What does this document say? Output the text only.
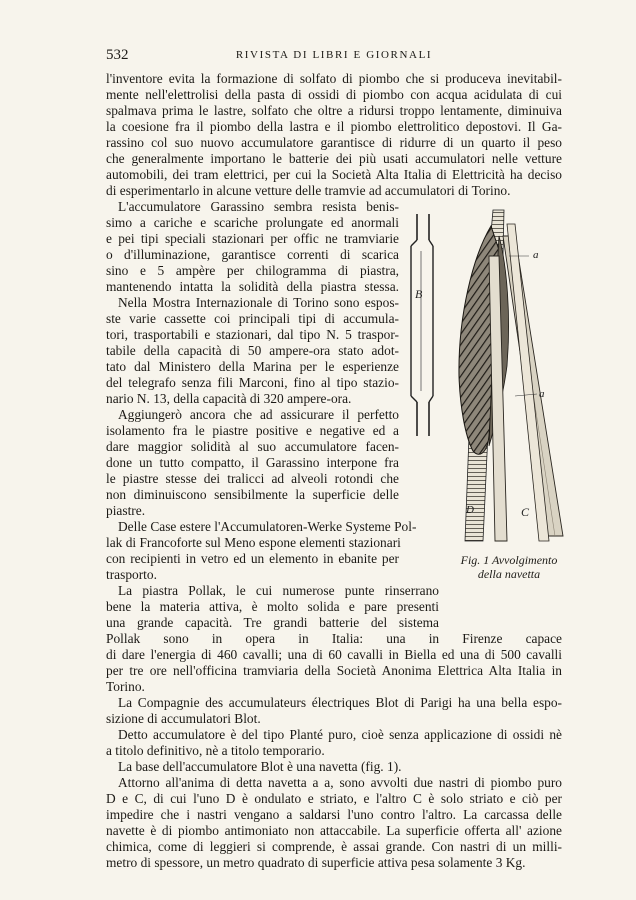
532	RIVISTA DI LIBRI E GIORNALI
l'inventore evita la formazione di solfato di piombo che si produceva inevitabil-
mente nell'elettrolisi della pasta di ossidi di piombo con acqua acidulata di cui
spalmava prima le lastre, solfato che oltre a ridursi troppo lentamente, diminuiva
la coesione fra il piombo della lastra e il piombo elettrolitico depostovi. Il Ga-
rassino col suo nuovo accumulatore garantisce di ridurre di un quarto il peso
che generalmente importano le batterie dei più usati accumulatori nelle vetture
automobili, dei tram elettrici, per cui la Società Alta Italia di Elettricità ha deciso
di esperimentarlo in alcune vetture delle tramvie ad accumulatori di Torino.
L'accumulatore Garassino sembra resista benis-
simo a cariche e scariche prolungate ed anormali
e pei tipi speciali stazionari per offic ne tramviarie
o d'illuminazione, garantisce correnti di scarica
sino e 5 ampère per chilogramma di piastra,
mantenendo intatta la solidità della piastra stessa.
Nella Mostra Internazionale di Torino sono espos-
ste varie cassette coi principali tipi di accumula-
tori, trasportabili e stazionari, dal tipo N. 5 traspor-
tabile della capacità di 50 ampere-ora stato adot-
tato dal Ministero della Marina per le esperienze
del telegrafo senza fili Marconi, fino al tipo stazio-
nario N. 13, della capacità di 320 ampere-ora.
Aggiungerò ancora che ad assicurare il perfetto
isolamento fra le piastre positive e negative ed a
dare maggior solidità al suo accumulatore facen-
done un tutto compatto, il Garassino interpone fra
le piastre stesse dei tralicci ad alveoli rotondi che
non diminuiscono sensibilmente la superficie delle
piastre.
Delle Case estere l'Accumulatoren-Werke Systeme Pol-
lak di Francoforte sul Meno espone elementi stazionari
con recipienti in vetro ed un elemento in ebanite per
trasporto.
La piastra Pollak, le cui numerose punte rinserrano
bene la materia attiva, è molto solida e pare presenti
una grande capacità. Tre grandi batterie del sistema
Pollak sono in opera in Italia: una in Firenze capace
di dare l'energia di 460 cavalli; una di 60 cavalli in Biella ed una di 500 cavalli
per tre ore nell'officina tramviaria della Società Anonima Elettrica Alta Italia in
Torino.
La Compagnie des accumulateurs électriques Blot di Parigi ha una bella espo-
sizione di accumulatori Blot.
Detto accumulatore è del tipo Planté puro, cioè senza applicazione di ossidi nè
a titolo definitivo, nè a titolo temporario.
La base dell'accumulatore Blot è una navetta (fig. 1).
Attorno all'anima di detta navetta a a, sono avvolti due nastri di piombo puro
D e C, di cui l'uno D è ondulato e striato, e l'altro C è solo striato e ciò per
impedire che i nastri vengano a saldarsi l'uno contro l'altro. La carcassa delle
navette è di piombo antimoniato non attaccabile. La superficie offerta all' azione
chimica, come di leggieri si comprende, è assai grande. Con nastri di un milli-
metro di spessore, un metro quadrato di superficie attiva pesa solamente 3 Kg.
B
a
a
D	C
Fig. 1 Avvolgimento
della navetta
